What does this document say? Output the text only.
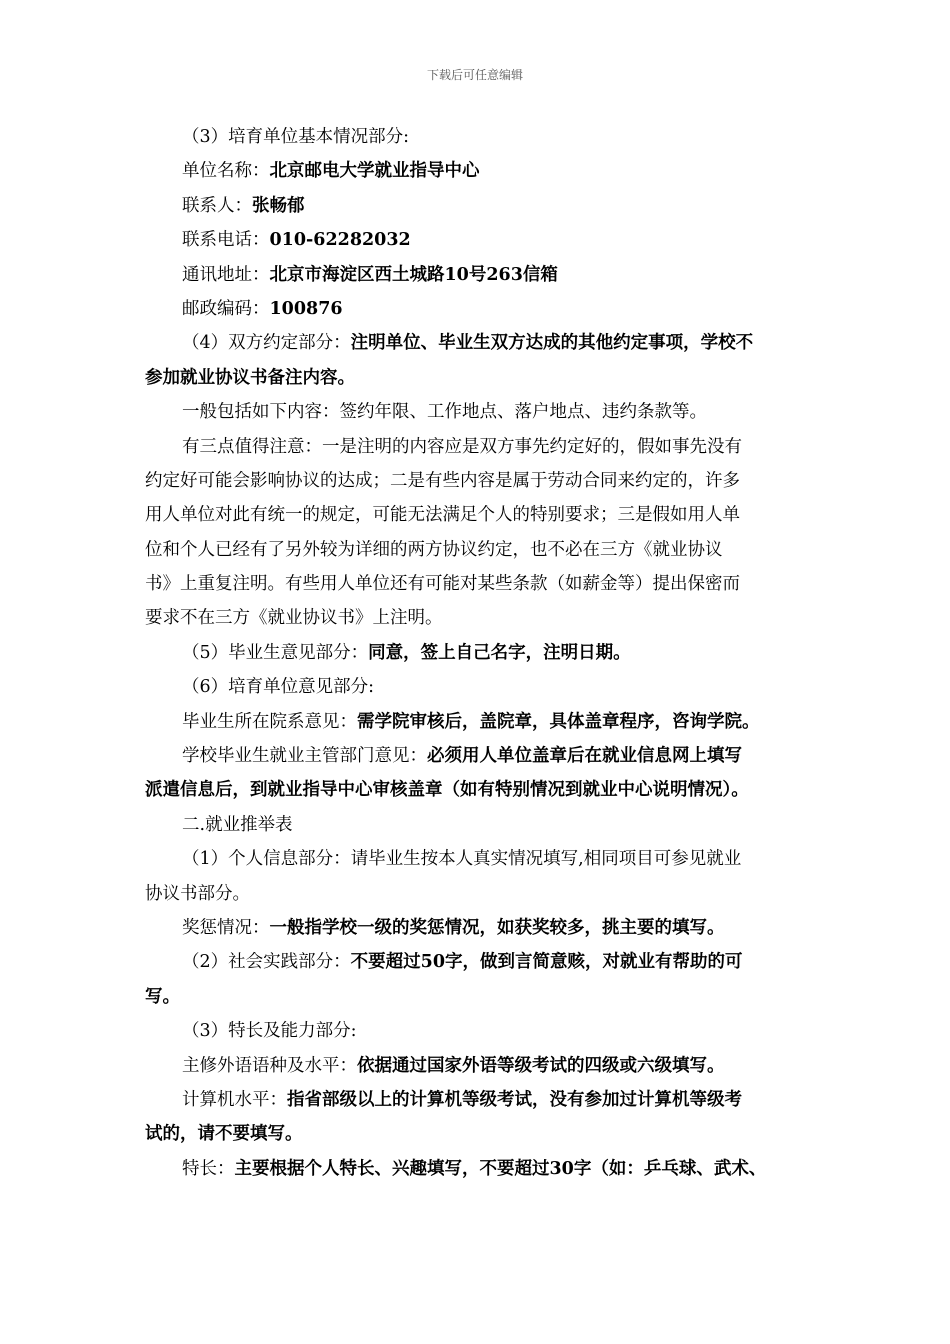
下载后可任意编辑
（3）培育单位基本情况部分:
单位名称：北京邮电大学就业指导中心
联系人：张畅郁
联系电话：010-62282032
通讯地址：北京市海淀区西土城路10号263信箱
邮政编码：100876
（4）双方约定部分：注明单位、毕业生双方达成的其他约定事项，学校不
参加就业协议书备注内容。
一般包括如下内容：签约年限、工作地点、落户地点、违约条款等。
有三点值得注意：一是注明的内容应是双方事先约定好的，假如事先没有
约定好可能会影响协议的达成；二是有些内容是属于劳动合同来约定的，许多
用人单位对此有统一的规定，可能无法满足个人的特别要求；三是假如用人单
位和个人已经有了另外较为详细的两方协议约定，也不必在三方《就业协议
书》上重复注明。有些用人单位还有可能对某些条款（如薪金等）提出保密而
要求不在三方《就业协议书》上注明。
（5）毕业生意见部分：同意，签上自己名字，注明日期。
（6）培育单位意见部分:
毕业生所在院系意见：需学院审核后，盖院章，具体盖章程序，咨询学院。
学校毕业生就业主管部门意见：必须用人单位盖章后在就业信息网上填写
派遣信息后，到就业指导中心审核盖章（如有特别情况到就业中心说明情况）。
二.就业推举表
（1）个人信息部分：请毕业生按本人真实情况填写,相同项目可参见就业
协议书部分。
奖惩情况：一般指学校一级的奖惩情况，如获奖较多，挑主要的填写。
（2）社会实践部分：不要超过50字，做到言简意赅，对就业有帮助的可
写。
（3）特长及能力部分:
主修外语语种及水平：依据通过国家外语等级考试的四级或六级填写。
计算机水平：指省部级以上的计算机等级考试，没有参加过计算机等级考
试的，请不要填写。
特长：主要根据个人特长、兴趣填写，不要超过30字（如：乒乓球、武术、
